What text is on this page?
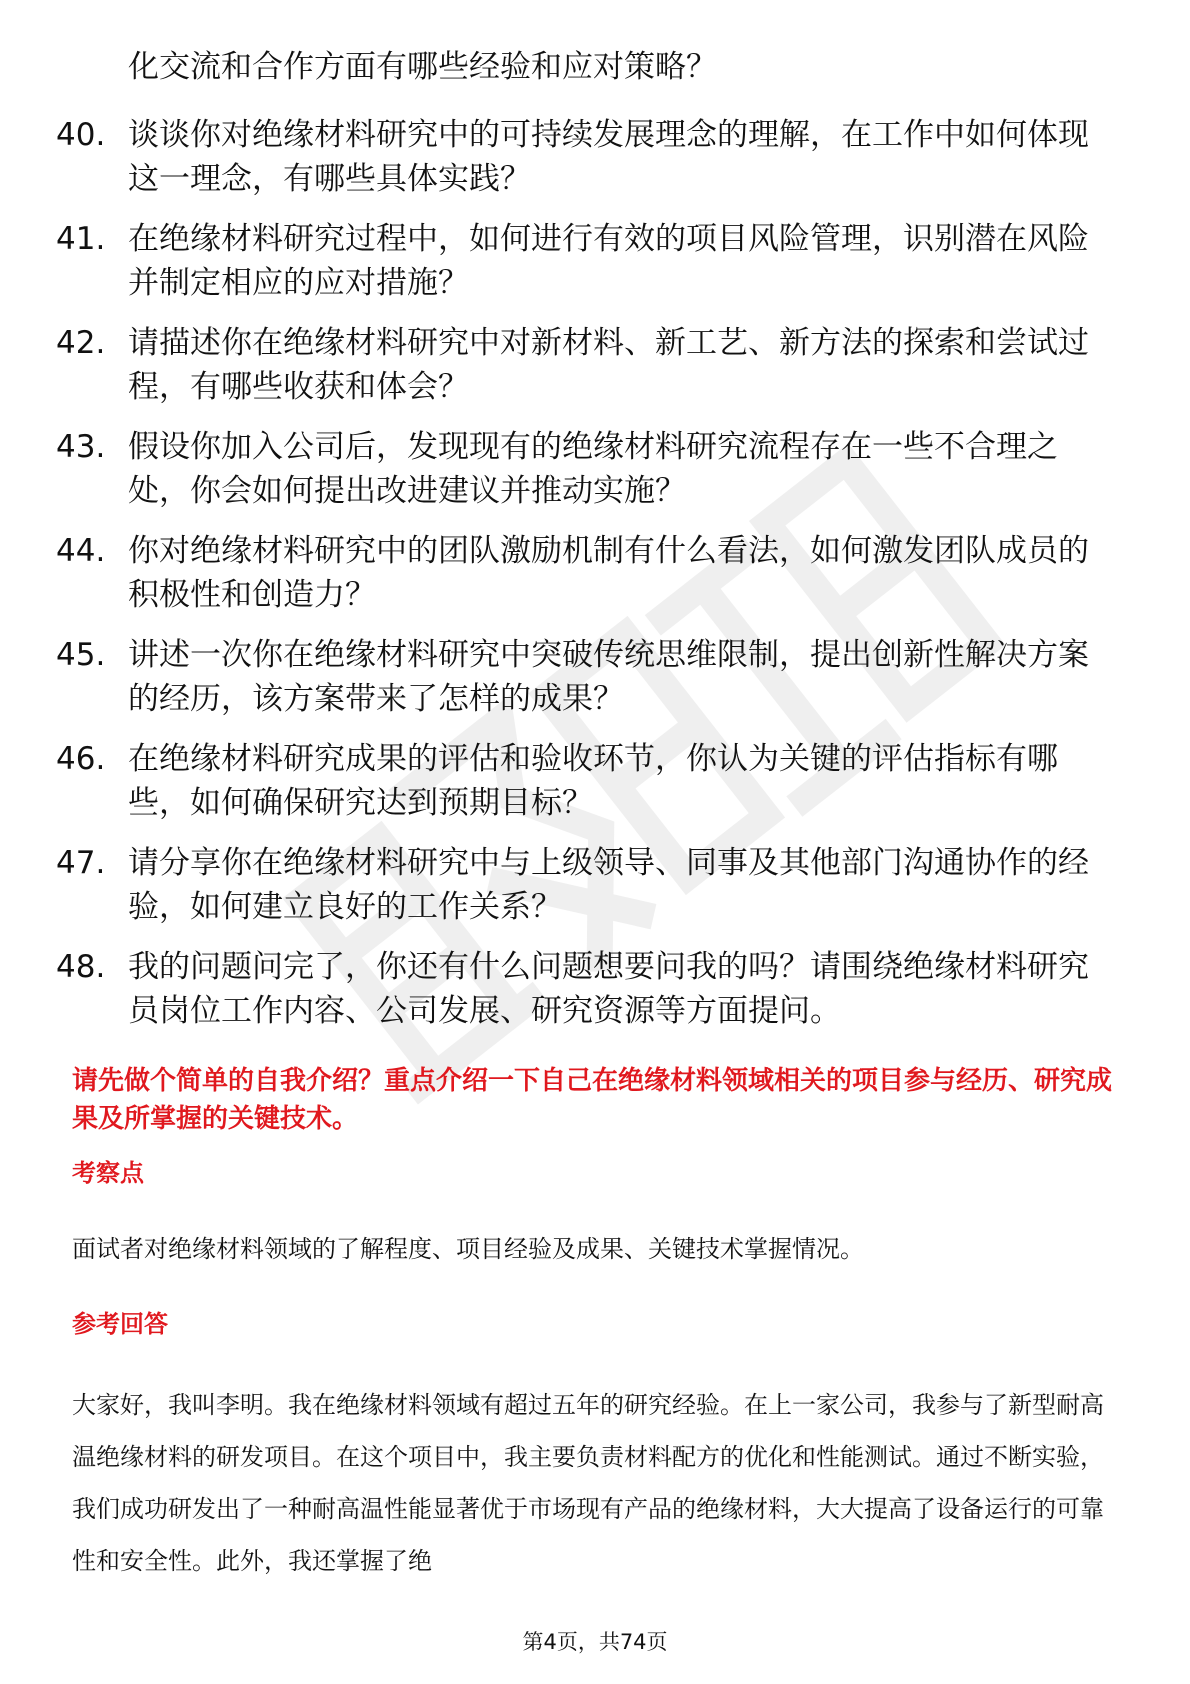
化交流和合作方面有哪些经验和应对策略？
40. 谈谈你对绝缘材料研究中的可持续发展理念的理解，在工作中如何体现这一理念，有哪些具体实践？
41. 在绝缘材料研究过程中，如何进行有效的项目风险管理，识别潜在风险并制定相应的应对措施？
42. 请描述你在绝缘材料研究中对新材料、新工艺、新方法的探索和尝试过程，有哪些收获和体会？
43. 假设你加入公司后，发现现有的绝缘材料研究流程存在一些不合理之处，你会如何提出改进建议并推动实施？
44. 你对绝缘材料研究中的团队激励机制有什么看法，如何激发团队成员的积极性和创造力？
45. 讲述一次你在绝缘材料研究中突破传统思维限制，提出创新性解决方案的经历，该方案带来了怎样的成果？
46. 在绝缘材料研究成果的评估和验收环节，你认为关键的评估指标有哪些，如何确保研究达到预期目标？
47. 请分享你在绝缘材料研究中与上级领导、同事及其他部门沟通协作的经验，如何建立良好的工作关系？
48. 我的问题问完了，你还有什么问题想要问我的吗？请围绕绝缘材料研究员岗位工作内容、公司发展、研究资源等方面提问。
请先做个简单的自我介绍？重点介绍一下自己在绝缘材料领域相关的项目参与经历、研究成果及所掌握的关键技术。
考察点
面试者对绝缘材料领域的了解程度、项目经验及成果、关键技术掌握情况。
参考回答
大家好，我叫李明。我在绝缘材料领域有超过五年的研究经验。在上一家公司，我参与了新型耐高温绝缘材料的研发项目。在这个项目中，我主要负责材料配方的优化和性能测试。通过不断实验，我们成功研发出了一种耐高温性能显著优于市场现有产品的绝缘材料，大大提高了设备运行的可靠性和安全性。此外，我还掌握了绝
第4页，共74页
